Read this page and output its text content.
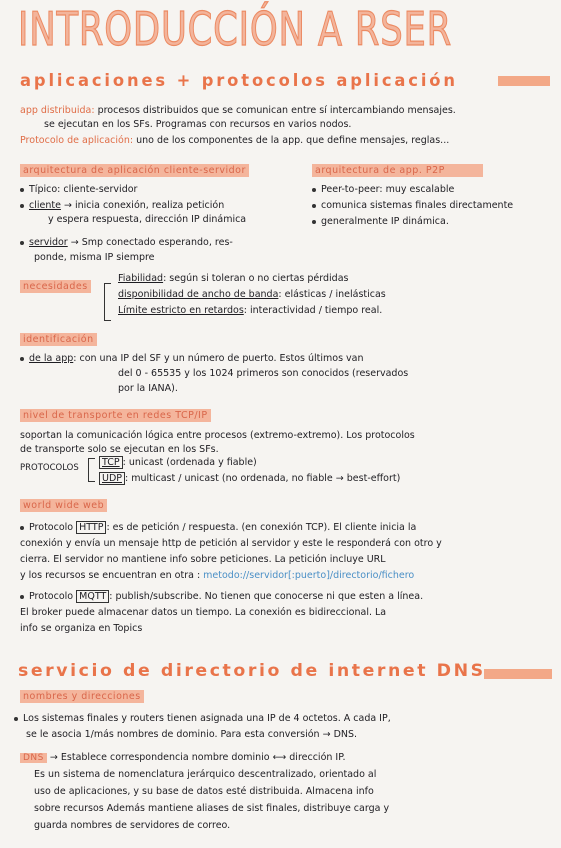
INTRODUCCIÓN A RSER
aplicaciones + protocolos aplicación
app distribuida: procesos distribuidos que se comunican entre sí intercambiando mensajes.
se ejecutan en los SFs. Programas con recursos en varios nodos.
Protocolo de aplicación: uno de los componentes de la app. que define mensajes, reglas...
arquitectura de aplicación cliente-servidor
Típico: cliente-servidor
cliente → inicia conexión, realiza petición
y espera respuesta, dirección IP dinámica
servidor → Smp conectado esperando, res-
ponde, misma IP siempre
arquitectura de app. P2P
Peer-to-peer: muy escalable
comunica sistemas finales directamente
generalmente IP dinámica.
necesidades
Fiabilidad: según si toleran o no ciertas pérdidas
disponibilidad de ancho de banda: elásticas / inelásticas
Límite estricto en retardos: interactividad / tiempo real.
identificación
de la app: con una IP del SF y un número de puerto. Estos últimos van
del 0 - 65535 y los 1024 primeros son conocidos (reservados
por la IANA).
nivel de transporte en redes TCP/IP
soportan la comunicación lógica entre procesos (extremo-extremo). Los protocolos
de transporte solo se ejecutan en los SFs.
PROTOCOLOS	TCP : unicast (ordenada y fiable)
UDP : multicast / unicast (no ordenada, no fiable → best-effort)
world wide web
Protocolo HTTP : es de petición / respuesta. (en conexión TCP). El cliente inicia la
conexión y envía un mensaje http de petición al servidor y este le responderá con otro y
cierra. El servidor no mantiene info sobre peticiones. La petición incluye URL
y los recursos se encuentran en otra : metodo://servidor[:puerto]/directorio/fichero
Protocolo MQTT : publish/subscribe. No tienen que conocerse ni que esten a línea.
El broker puede almacenar datos un tiempo. La conexión es bidireccional. La
info se organiza en Topics
servicio de directorio de internet DNS
nombres y direcciones
Los sistemas finales y routers tienen asignada una IP de 4 octetos. A cada IP,
se le asocia 1/más nombres de dominio. Para esta conversión → DNS.
DNS → Establece correspondencia nombre dominio ⟷ dirección IP.
Es un sistema de nomenclatura jerárquico descentralizado, orientado al
uso de aplicaciones, y su base de datos esté distribuida. Almacena info
sobre recursos Además mantiene aliases de sist finales, distribuye carga y
guarda nombres de servidores de correo.
